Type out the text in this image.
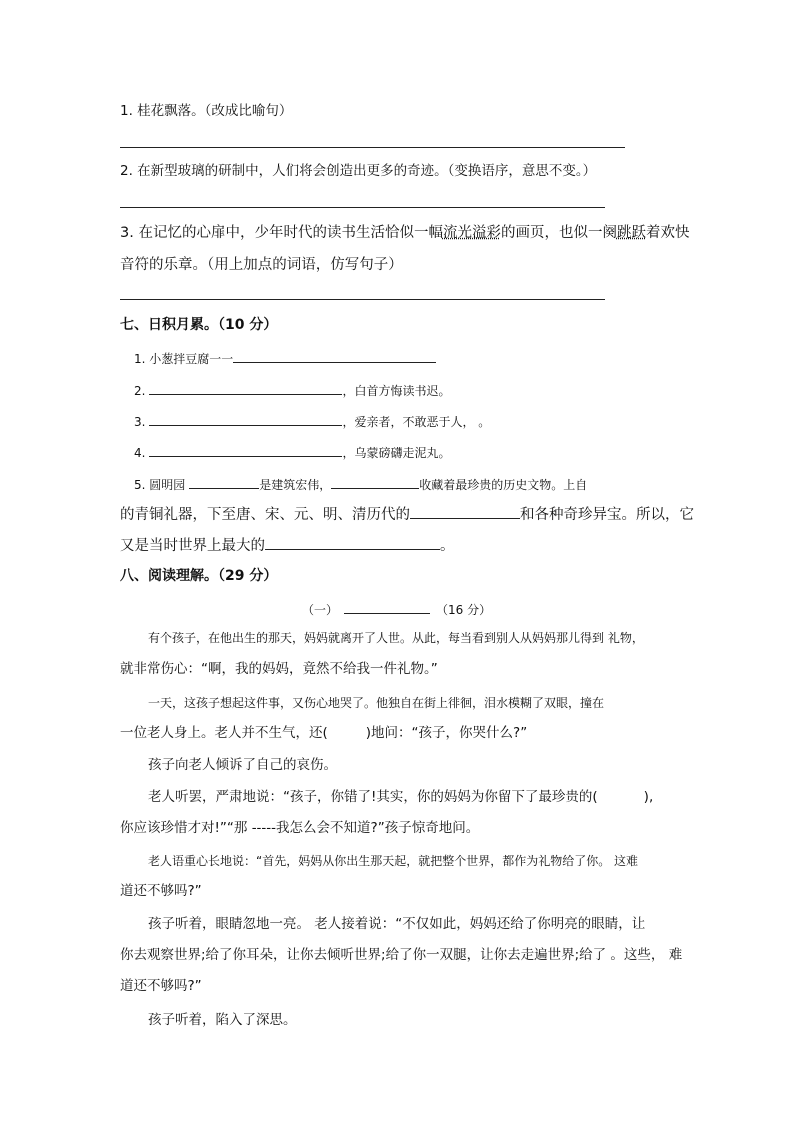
1. 桂花飘落。（改成比喻句）
2. 在新型玻璃的研制中，人们将会创造出更多的奇迹。（变换语序，意思不变。）
3. 在记忆的心扉中，少年时代的读书生活恰似一幅流光溢彩的画页，也似一阕跳跃着欢快
音符的乐章。（用上加点的词语，仿写句子）
七、日积月累。（10 分）
1. 小葱拌豆腐一一
2.	，白首方悔读书迟。
3.	，爱亲者，不敢恶于人， 。
4.	，乌蒙磅礴走泥丸。
5. 圆明园	是建筑宏伟，	收藏着最珍贵的历史文物。上自
的青铜礼器，下至唐、宋、元、明、清历代的	和各种奇珍异宝。所以，它
又是当时世界上最大的	。
八、阅读理解。（29 分）
（一）	（16 分）
有个孩子，在他出生的那天，妈妈就离开了人世。从此，每当看到别人从妈妈那儿得到 礼物，
就非常伤心：“啊，我的妈妈，竟然不给我一件礼物。”
一天，这孩子想起这件事，又伤心地哭了。他独自在街上徘徊，泪水模糊了双眼，撞在
一位老人身上。老人并不生气，还(	)地问：“孩子，你哭什么?”
孩子向老人倾诉了自己的哀伤。
老人听罢，严肃地说：“孩子，你错了!其实，你的妈妈为你留下了最珍贵的(	),
你应该珍惜才对!”“那 -----我怎么会不知道?”孩子惊奇地问。
老人语重心长地说：“首先，妈妈从你出生那天起，就把整个世界，都作为礼物给了你。 这难
道还不够吗?”
孩子听着，眼睛忽地一亮。 老人接着说：“不仅如此，妈妈还给了你明亮的眼睛，让
你去观察世界;给了你耳朵，让你去倾听世界;给了你一双腿，让你去走遍世界;给了 。这些， 难
道还不够吗?”
孩子听着，陷入了深思。
